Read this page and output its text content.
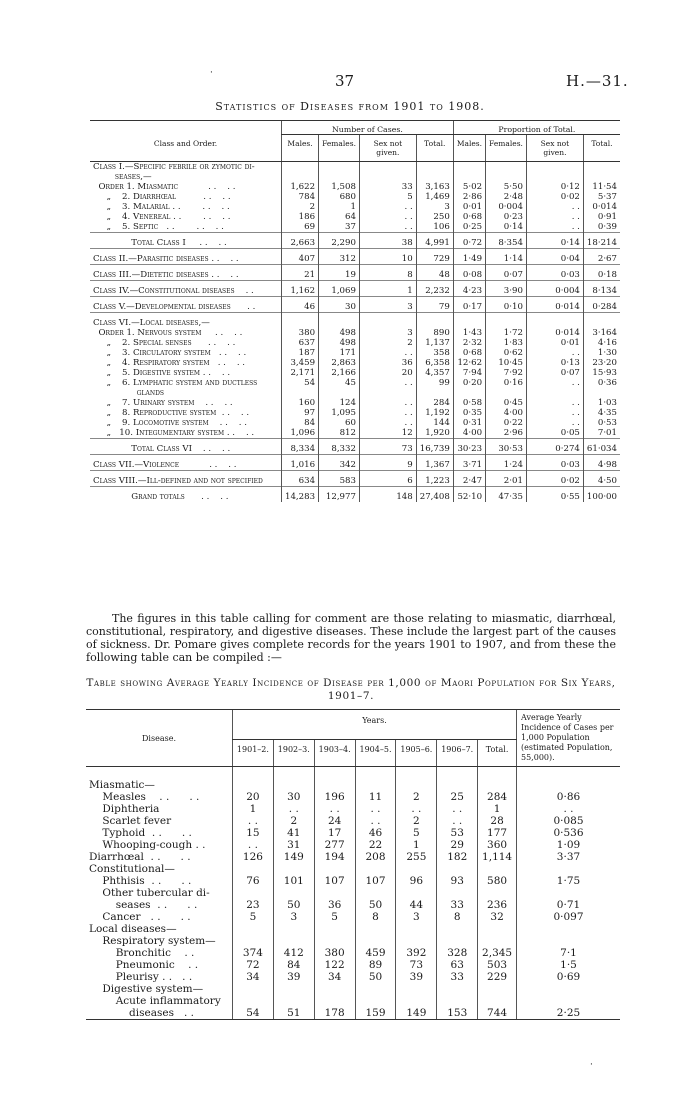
37	H.—31.
Statistics of Diseases from 1901 to 1908.
Class and Order.	Number of Cases.				Proportion of Total.			
	Males.	Females.	Sex not given.	Total.	Males.	Females.	Sex not given.	Total.
Class I.—Specific febrile or zymotic di-								
seases,—								
Order 1. Miasmatic           . .    . .	1,622	1,508	33	3,163	5·02	5·50	0·12	11·54
„    2. Diarrhœal          . .    . .	784	680	5	1,469	2·86	2·48	0·02	5·37
„    3. Malarial . .        . .    . .	2	1	. .	3	0·01	0·004	. .	0·014
„    4. Venereal . .        . .    . .	186	64	. .	250	0·68	0·23	. .	0·91
„    5. Septic   . .        . .    . .	69	37	. .	106	0·25	0·14	. .	0·39
Total Class I     . .    . .	2,663	2,290	38	4,991	0·72	8·354	0·14	18·214
Class II.—Parasitic diseases . .    . .	407	312	10	729	1·49	1·14	0·04	2·67
Class III.—Dietetic diseases . .    . .	21	19	8	48	0·08	0·07	0·03	0·18
Class IV.—Constitutional diseases    . .	1,162	1,069	1	2,232	4·23	3·90	0·004	8·134
Class V.—Developmental diseases      . .	46	30	3	79	0·17	0·10	0·014	0·284
Class VI.—Local diseases,—								
Order 1. Nervous system     . .    . .	380	498	3	890	1·43	1·72	0·014	3·164
„    2. Special senses      . .    . .	637	498	2	1,137	2·32	1·83	0·01	4·16
„    3. Circulatory system   . .    . .	187	171	. .	358	0·68	0·62	. .	1·30
„    4. Respiratory system   . .    . .	3,459	2,863	36	6,358	12·62	10·45	0·13	23·20
„    5. Digestive system . .    . .	2,171	2,166	20	4,357	7·94	7·92	0·07	15·93
„    6. Lymphatic system and ductless	54	45	. .	99	0·20	0·16	. .	0·36
glands								
„    7. Urinary system    . .    . .	160	124	. .	284	0·58	0·45	. .	1·03
„    8. Reproductive system  . .    . .	97	1,095	. .	1,192	0·35	4·00	. .	4·35
„    9. Locomotive system    . .    . .	84	60	. .	144	0·31	0·22	. .	0·53
„   10. Integumentary system . .    . .	1,096	812	12	1,920	4·00	2·96	0·05	7·01
Total Class VI    . .    . .	8,334	8,332	73	16,739	30·23	30·53	0·274	61·034
Class VII.—Violence           . .    . .	1,016	342	9	1,367	3·71	1·24	0·03	4·98
Class VIII.—Ill-defined and not specified	634	583	6	1,223	2·47	2·01	0·02	4·50
Grand totals      . .    . .	14,283	12,977	148	27,408	52·10	47·35	0·55	100·00
The figures in this table calling for comment are those relating to miasmatic, diarrhœal, constitutional, respiratory, and digestive diseases. These include the largest part of the causes of sickness. Dr. Pomare gives complete records for the years 1901 to 1907, and from these the following table can be compiled :—
Table showing Average Yearly Incidence of Disease per 1,000 of Maori Population for Six Years, 1901–7.
Disease.	Years.							Average Yearly Incidence of Cases per 1,000 Population (estimated Population, 55,000).
	1901–2.	1902–3.	1903–4.	1904–5.	1905–6.	1906–7.	Total.	
Miasmatic—								
Measles    . .      . .	20	30	196	11	2	25	284	0·86
Diphtheria	1	. .	. .	. .	. .	. .	1	. .
Scarlet fever	. .	2	24	. .	2	. .	28	0·085
Typhoid  . .      . .	15	41	17	46	5	53	177	0·536
Whooping-cough . .	. .	31	277	22	1	29	360	1·09
Diarrhœal  . .      . .	126	149	194	208	255	182	1,114	3·37
Constitutional—								
Phthisis  . .      . .	76	101	107	107	96	93	580	1·75
Other tubercular di-								
seases  . .      . .	23	50	36	50	44	33	236	0·71
Cancer   . .      . .	5	3	5	8	3	8	32	0·097
Local diseases—								
Respiratory system—								
Bronchitic    . .	374	412	380	459	392	328	2,345	7·1
Pneumonic    . .	72	84	122	89	73	63	503	1·5
Pleurisy . .   . .	34	39	34	50	39	33	229	0·69
Digestive system—								
Acute inflammatory								
diseases   . .	54	51	178	159	149	153	744	2·25
·
·
